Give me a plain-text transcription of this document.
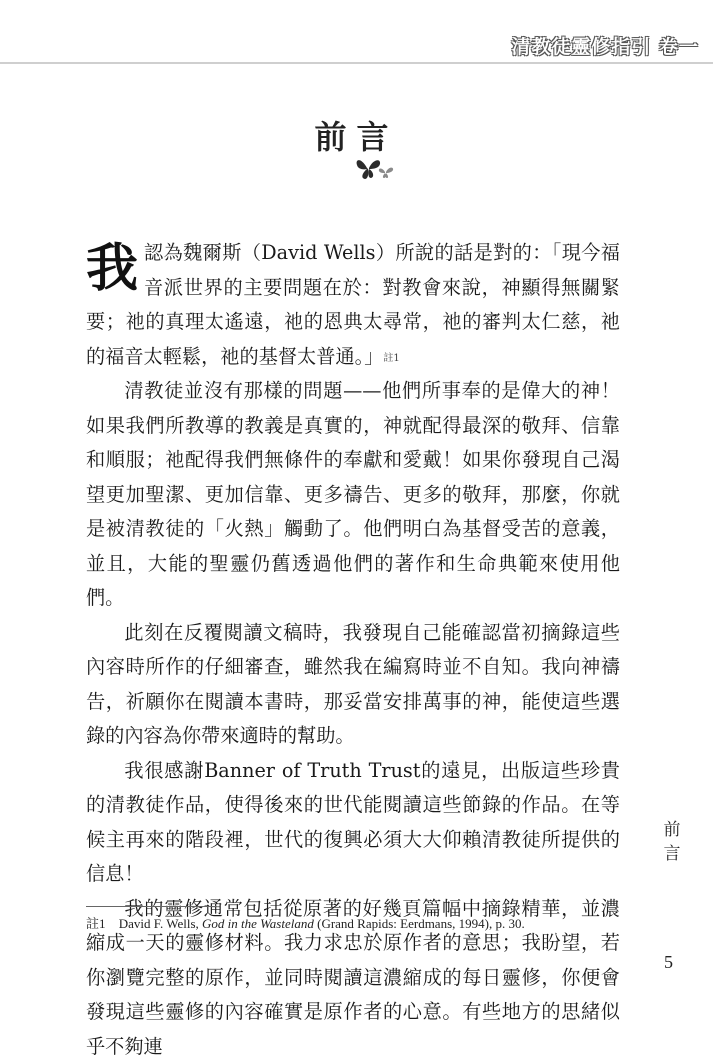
清教徒靈修指引 卷一
前言

我認為魏爾斯（David Wells）所說的話是對的：「現今福音派世界的主要問題在於：對教會來說，神顯得無關緊要；祂的真理太遙遠，祂的恩典太尋常，祂的審判太仁慈，祂的福音太輕鬆，祂的基督太普通。」$^{註1}$

清教徒並沒有那樣的問題——他們所事奉的是偉大的神！如果我們所教導的教義是真實的，神就配得最深的敬拜、信靠和順服；祂配得我們無條件的奉獻和愛戴！如果你發現自己渴望更加聖潔、更加信靠、更多禱告、更多的敬拜，那麼，你就是被清教徒的「火熱」觸動了。他們明白為基督受苦的意義，並且，大能的聖靈仍舊透過他們的著作和生命典範來使用他們。

此刻在反覆閱讀文稿時，我發現自己能確認當初摘錄這些內容時所作的仔細審查，雖然我在編寫時並不自知。我向神禱告，祈願你在閱讀本書時，那妥當安排萬事的神，能使這些選錄的內容為你帶來適時的幫助。

我很感謝Banner of Truth Trust的遠見，出版這些珍貴的清教徒作品，使得後來的世代能閱讀這些節錄的作品。在等候主再來的階段裡，世代的復興必須大大仰賴清教徒所提供的信息！

我的靈修通常包括從原著的好幾頁篇幅中摘錄精華，並濃縮成一天的靈修材料。我力求忠於原作者的意思；我盼望，若你瀏覽完整的原作，並同時閱讀這濃縮成的每日靈修，你便會發現這些靈修的內容確實是原作者的心意。有些地方的思緒似乎不夠連

前言
註1 David F. Wells, God in the Wasteland (Grand Rapids: Eerdmans, 1994), p. 30.
5
